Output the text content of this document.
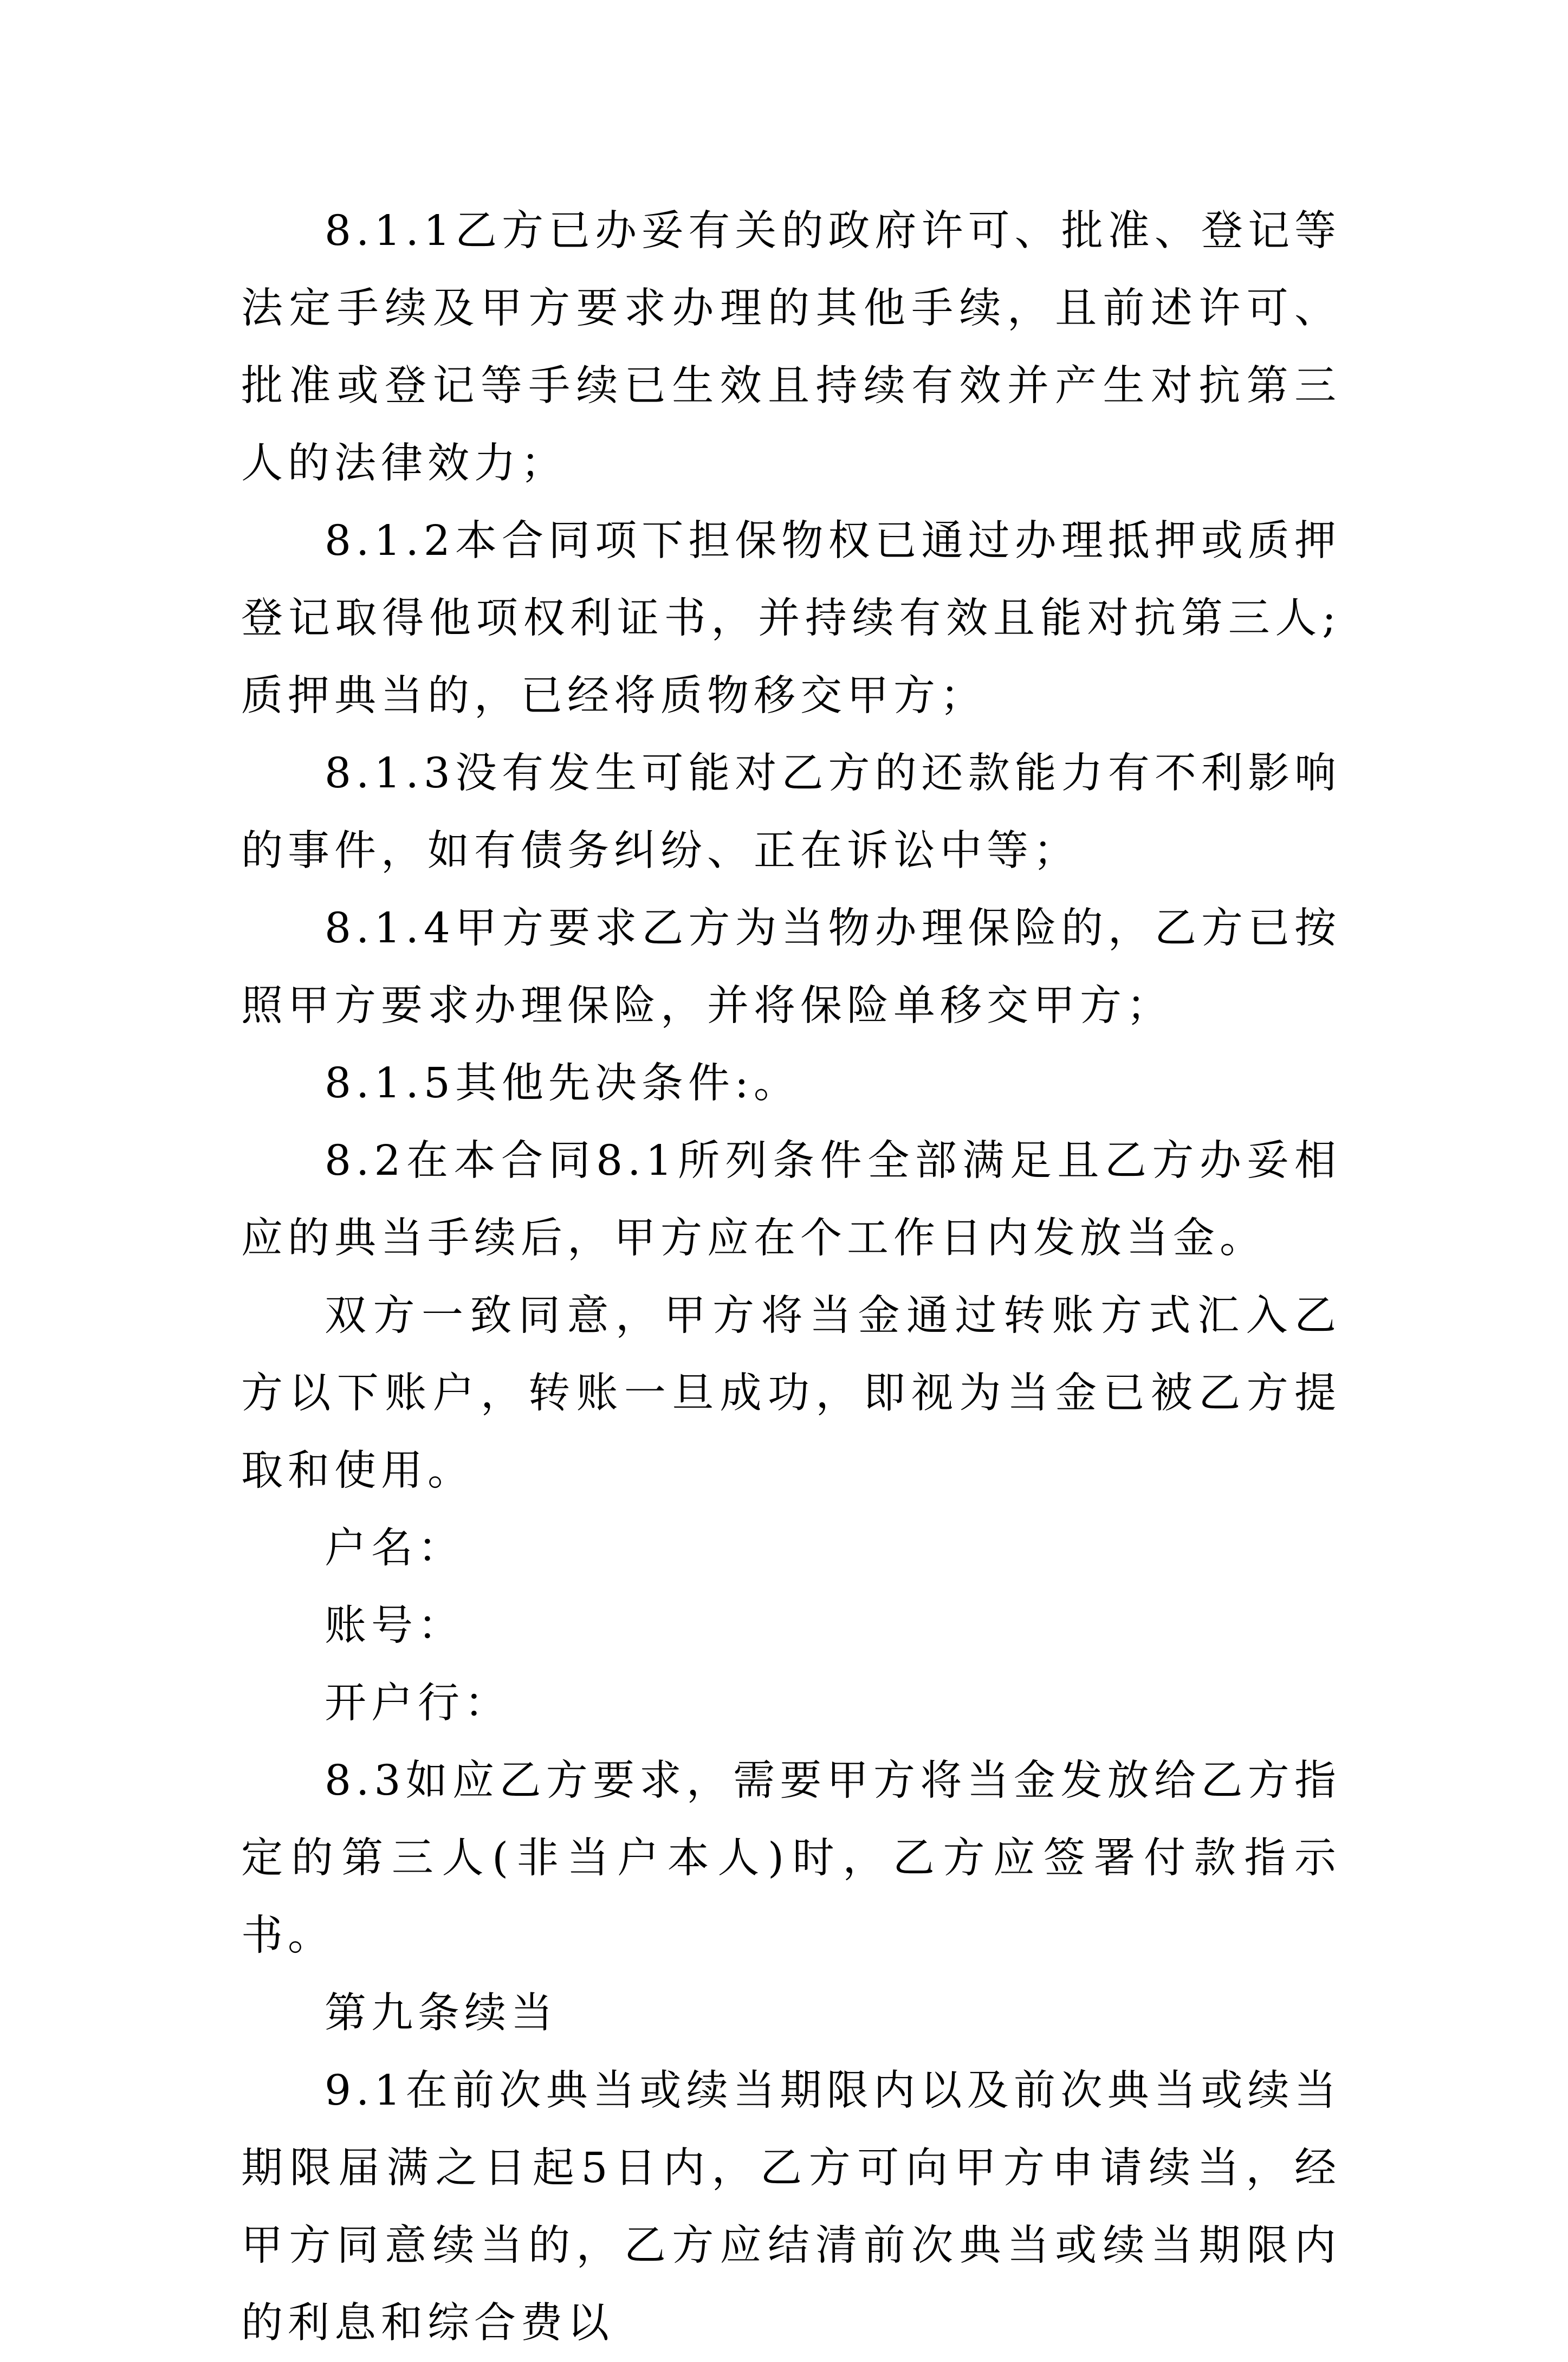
8.1.1乙方已办妥有关的政府许可、批准、登记等法定手续及甲方要求办理的其他手续，且前述许可、批准或登记等手续已生效且持续有效并产生对抗第三人的法律效力；

8.1.2本合同项下担保物权已通过办理抵押或质押登记取得他项权利证书，并持续有效且能对抗第三人;质押典当的，已经将质物移交甲方；

8.1.3没有发生可能对乙方的还款能力有不利影响的事件，如有债务纠纷、正在诉讼中等；

8.1.4甲方要求乙方为当物办理保险的，乙方已按照甲方要求办理保险，并将保险单移交甲方；

8.1.5其他先决条件:。

8.2在本合同8.1所列条件全部满足且乙方办妥相应的典当手续后，甲方应在个工作日内发放当金。

双方一致同意，甲方将当金通过转账方式汇入乙方以下账户，转账一旦成功，即视为当金已被乙方提取和使用。

户名：

账号：

开户行：

8.3如应乙方要求，需要甲方将当金发放给乙方指定的第三人(非当户本人)时，乙方应签署付款指示书。

第九条续当

9.1在前次典当或续当期限内以及前次典当或续当期限届满之日起5日内，乙方可向甲方申请续当，经甲方同意续当的，乙方应结清前次典当或续当期限内的利息和综合费以
